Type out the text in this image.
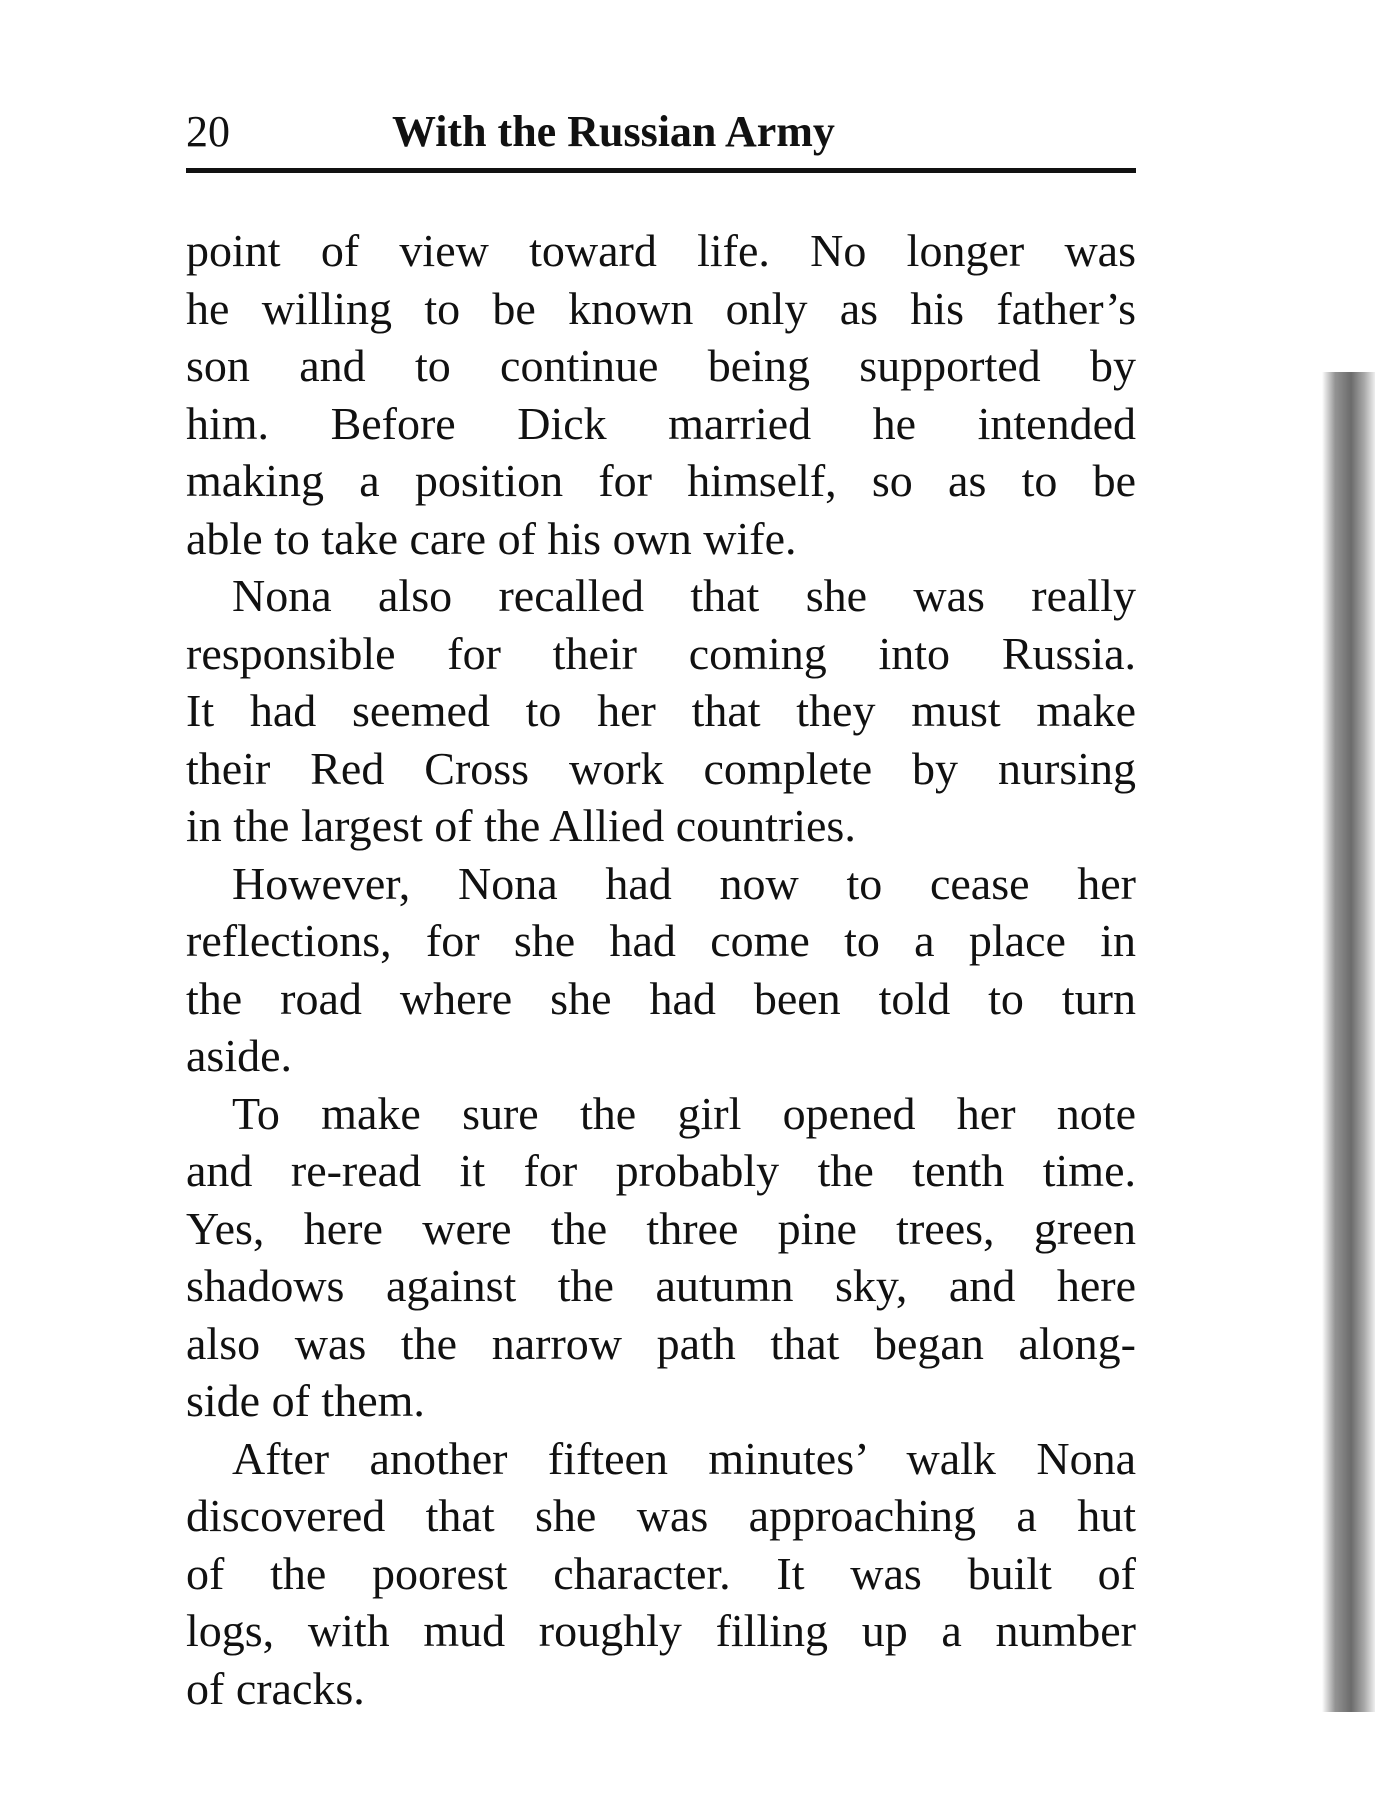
20	With the Russian Army

point of view toward life. No longer was
he willing to be known only as his father’s
son and to continue being supported by
him. Before Dick married he intended
making a position for himself, so as to be
able to take care of his own wife.

Nona also recalled that she was really
responsible for their coming into Russia.
It had seemed to her that they must make
their Red Cross work complete by nursing
in the largest of the Allied countries.

However, Nona had now to cease her
reflections, for she had come to a place in
the road where she had been told to turn
aside.

To make sure the girl opened her note
and re-read it for probably the tenth time.
Yes, here were the three pine trees, green
shadows against the autumn sky, and here
also was the narrow path that began along-
side of them.

After another fifteen minutes’ walk Nona
discovered that she was approaching a hut
of the poorest character. It was built of
logs, with mud roughly filling up a number
of cracks.
